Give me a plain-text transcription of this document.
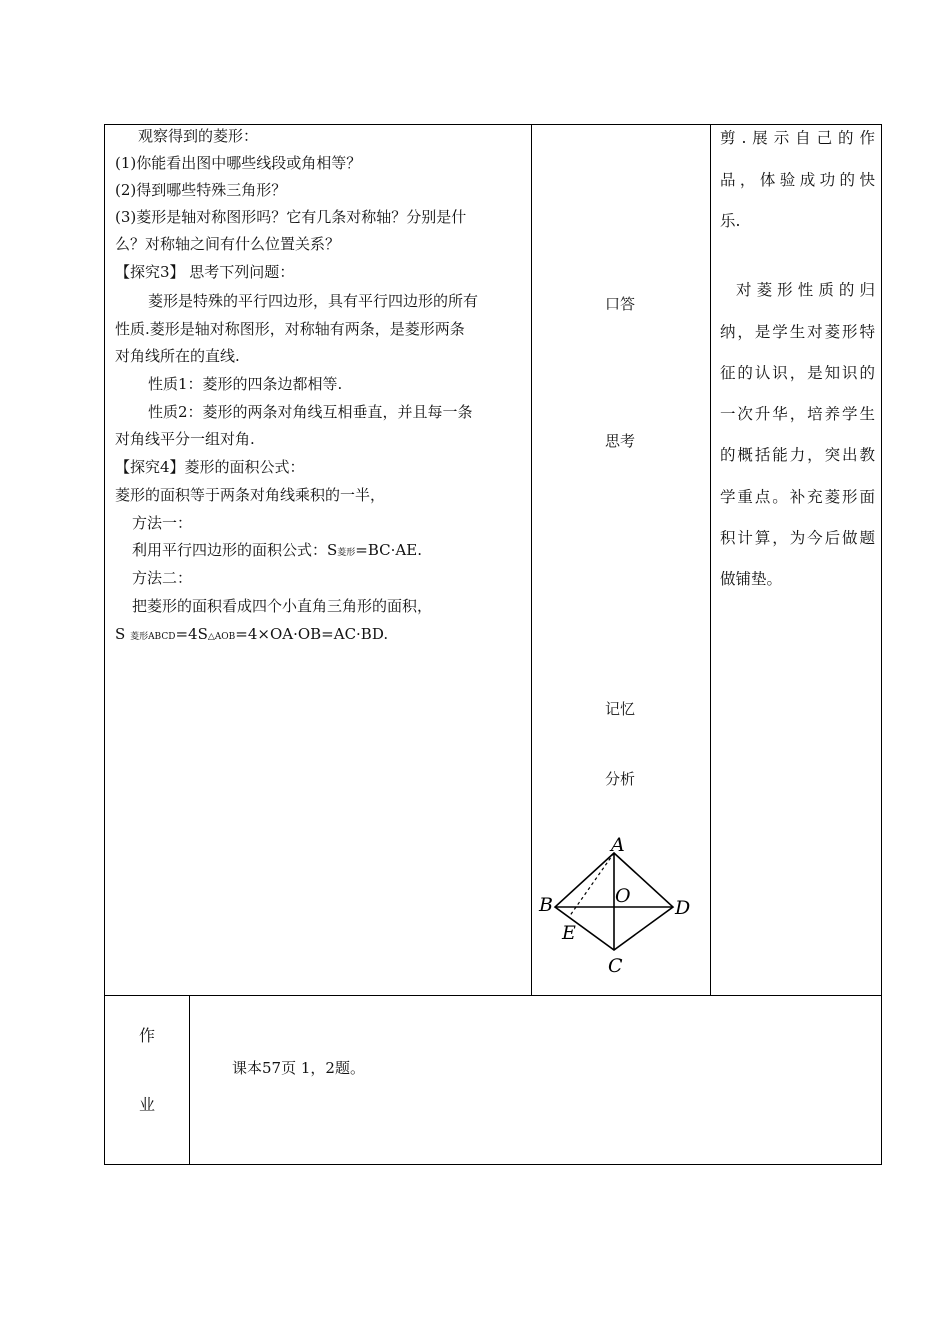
观察得到的菱形：
(1)你能看出图中哪些线段或角相等？
(2)得到哪些特殊三角形？
(3)菱形是轴对称图形吗？它有几条对称轴？分别是什
么？对称轴之间有什么位置关系？
【探究3】 思考下列问题：
菱形是特殊的平行四边形，具有平行四边形的所有
性质.菱形是轴对称图形，对称轴有两条，是菱形两条
对角线所在的直线.
性质1：菱形的四条边都相等.
性质2：菱形的两条对角线互相垂直，并且每一条
对角线平分一组对角.
【探究4】菱形的面积公式：
菱形的面积等于两条对角线乘积的一半，
方法一：
利用平行四边形的面积公式：S菱形=BC·AE.
方法二：
把菱形的面积看成四个小直角三角形的面积，
S 菱形ABCD=4S△AOB=4×OA·OB=AC·BD.
口答
思考
记忆
分析
A
B
C
D
O
E
剪.展示自己的作
品，体验成功的快
乐.
对菱形性质的归
纳，是学生对菱形特
征的认识，是知识的
一次升华，培养学生
的概括能力，突出教
学重点。补充菱形面
积计算，为今后做题
做铺垫。
作
业
课本57页 1，2题。
